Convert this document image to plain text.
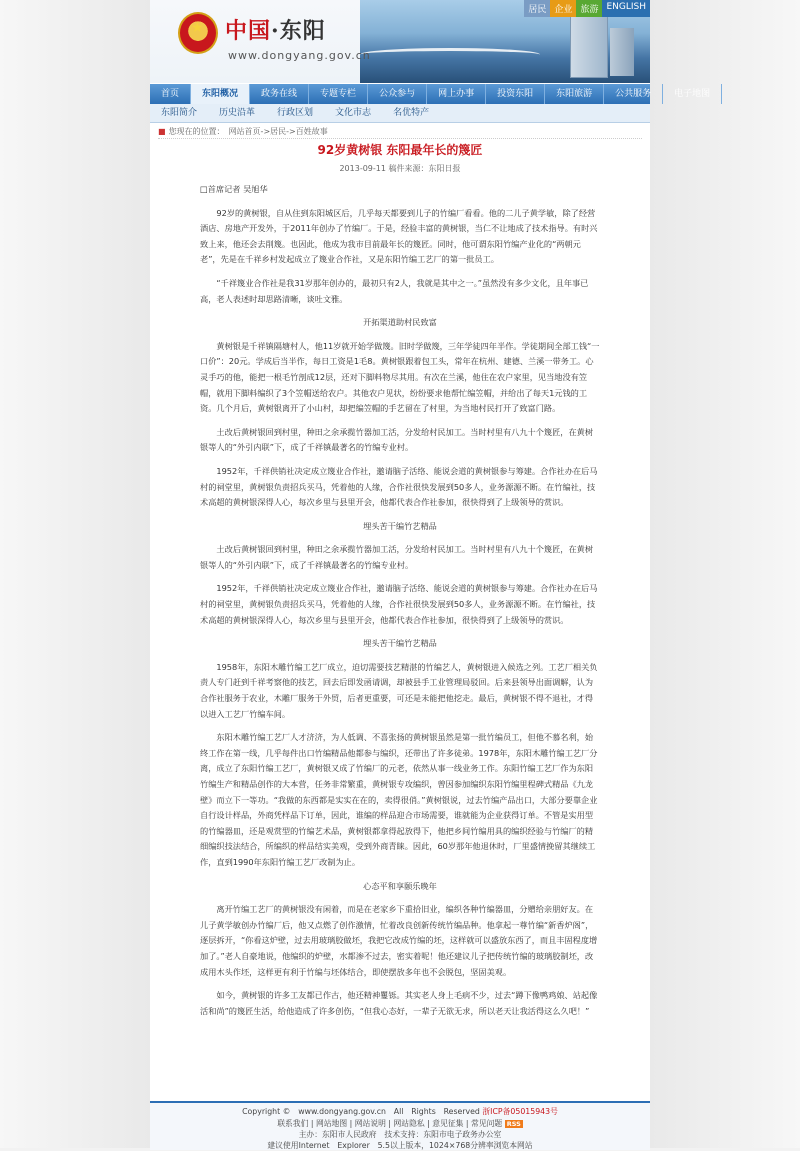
★
中国·东阳
www.dongyang.gov.cn
居民 企业 旅游 ENGLISH
首页	东阳概况	政务在线	专题专栏	公众参与	网上办事	投资东阳	东阳旅游	公共服务	电子地图
东阳简介	历史沿革	行政区划	文化市志	名优特产
■ 您现在的位置：　 网站首页->居民->百姓故事
92岁黄树银 东阳最年长的篾匠
2013-09-11 稿件来源：东阳日报

□首席记者 吴旭华

92岁的黄树银，自从住到东阳城区后，几乎每天都要到儿子的竹编厂看看。他的二儿子黄学敏，除了经营酒店、房地产开发外，于2011年创办了竹编厂。于是，经验丰富的黄树银，当仁不让地成了技术指导。有时兴致上来，他还会去削篾。也因此，他成为我市目前最年长的篾匠。同时，他可谓东阳竹编产业化的“两朝元老”，先是在千祥乡村发起成立了篾业合作社，又是东阳竹编工艺厂的第一批员工。

“千祥篾业合作社是我31岁那年创办的，最初只有2人，我就是其中之一。”虽然没有多少文化，且年事已高，老人表述时却思路清晰，谈吐文雅。

开拓渠道助村民致富

黄树银是千祥镇隔塘村人，他11岁就开始学做篾。旧时学做篾，三年学徒四年半作。学徒期间全部工钱“一口价”：20元。学成后当半作，每日工资是1毛8。黄树银跟着包工头，常年在杭州、建德、兰溪一带务工。心灵手巧的他，能把一根毛竹剖成12层，还对下脚料物尽其用。有次在兰溪，他住在农户家里，见当地没有笠帽，就用下脚料编织了3个笠帽送给农户。其他农户见状，纷纷要求他帮忙编笠帽，并给出了每天1元钱的工资。几个月后，黄树银离开了小山村，却把编笠帽的手艺留在了村里，为当地村民打开了致富门路。

土改后黄树银回到村里，种田之余承揽竹器加工活，分发给村民加工。当时村里有八九十个篾匠，在黄树银等人的“外引内联”下，成了千祥镇最著名的竹编专业村。

1952年，千祥供销社决定成立篾业合作社，邀请脑子活络、能说会道的黄树银参与筹建。合作社办在后马村的祠堂里，黄树银负责招兵买马，凭着他的人缘，合作社很快发展到50多人，业务源源不断。在竹编社，技术高超的黄树银深得人心，每次乡里与县里开会，他都代表合作社参加，很快得到了上级领导的赏识。

埋头苦干编竹艺精品

土改后黄树银回到村里，种田之余承揽竹器加工活，分发给村民加工。当时村里有八九十个篾匠，在黄树银等人的“外引内联”下，成了千祥镇最著名的竹编专业村。

1952年，千祥供销社决定成立篾业合作社，邀请脑子活络、能说会道的黄树银参与筹建。合作社办在后马村的祠堂里，黄树银负责招兵买马，凭着他的人缘，合作社很快发展到50多人，业务源源不断。在竹编社，技术高超的黄树银深得人心，每次乡里与县里开会，他都代表合作社参加，很快得到了上级领导的赏识。

埋头苦干编竹艺精品

1958年，东阳木雕竹编工艺厂成立，迫切需要技艺精湛的竹编艺人，黄树银进入候选之列。工艺厂相关负责人专门赶到千祥考察他的技艺，回去后即发函请调，却被县手工业管理局驳回。后来县领导出面调解，认为合作社服务于农业，木雕厂服务于外贸，后者更重要，可还是未能把他挖走。最后，黄树银不得不退社，才得以进入工艺厂竹编车间。

东阳木雕竹编工艺厂人才济济，为人低调、不喜张扬的黄树银虽然是第一批竹编员工，但他不慕名利，始终工作在第一线，几乎每件出口竹编精品他都参与编织，还带出了许多徒弟。1978年，东阳木雕竹编工艺厂分离，成立了东阳竹编工艺厂，黄树银又成了竹编厂的元老，依然从事一线业务工作。东阳竹编工艺厂作为东阳竹编生产和精品创作的大本营，任务非常繁重，黄树银专攻编织，曾因参加编织东阳竹编里程碑式精品《九龙壁》而立下一等功。“我做的东西都是实实在在的，卖得很俏。”黄树银说，过去竹编产品出口，大部分要靠企业自行设计样品，外商凭样品下订单，因此，谁编的样品迎合市场需要，谁就能为企业获得订单。不管是实用型的竹编器皿，还是观赏型的竹编艺术品，黄树银都拿得起放得下，他把乡间竹编用具的编织经验与竹编厂的精细编织技法结合，所编织的样品结实美观，受到外商青睐。因此，60岁那年他退休时，厂里盛情挽留其继续工作，直到1990年东阳竹编工艺厂改制为止。

心态平和享颐乐晚年

离开竹编工艺厂的黄树银没有闲着，而是在老家乡下重拾旧业，编织各种竹编器皿，分赠给亲朋好友。在儿子黄学敏创办竹编厂后，他又点燃了创作激情，忙着改良创新传统竹编品种。他拿起一尊竹编“新香炉阁”，逐层拆开，“你看这炉壁，过去用玻璃胶做坯，我把它改成竹编的坯，这样就可以盛放东西了，而且丰固程度增加了。”老人自豪地说，他编织的炉壁，水都渗不过去，密实着呢！他还建议儿子把传统竹编的玻璃胶制坯，改成用木头作坯，这样更有利于竹编与坯体结合，即使摆放多年也不会脱包，坚固美观。

如今，黄树银的许多工友都已作古，他还精神矍铄。其实老人身上毛病不少，过去“蹲下像鸭鸡娘、站起像活和尚”的篾匠生活，给他造成了许多创伤，“但我心态好，一辈子无欲无求，所以老天让我活得这么久吧！”

Copyright ©　www.dongyang.gov.cn　All　Rights　Reserved 浙ICP备05015943号
联系我们 | 网站地图 | 网站说明 | 网站隐私 | 意见征集 | 常见问题 RSS
主办：东阳市人民政府　技术支持：东阳市电子政务办公室
建议使用Internet　Explorer　5.5以上版本，1024×768分辨率浏览本网站
